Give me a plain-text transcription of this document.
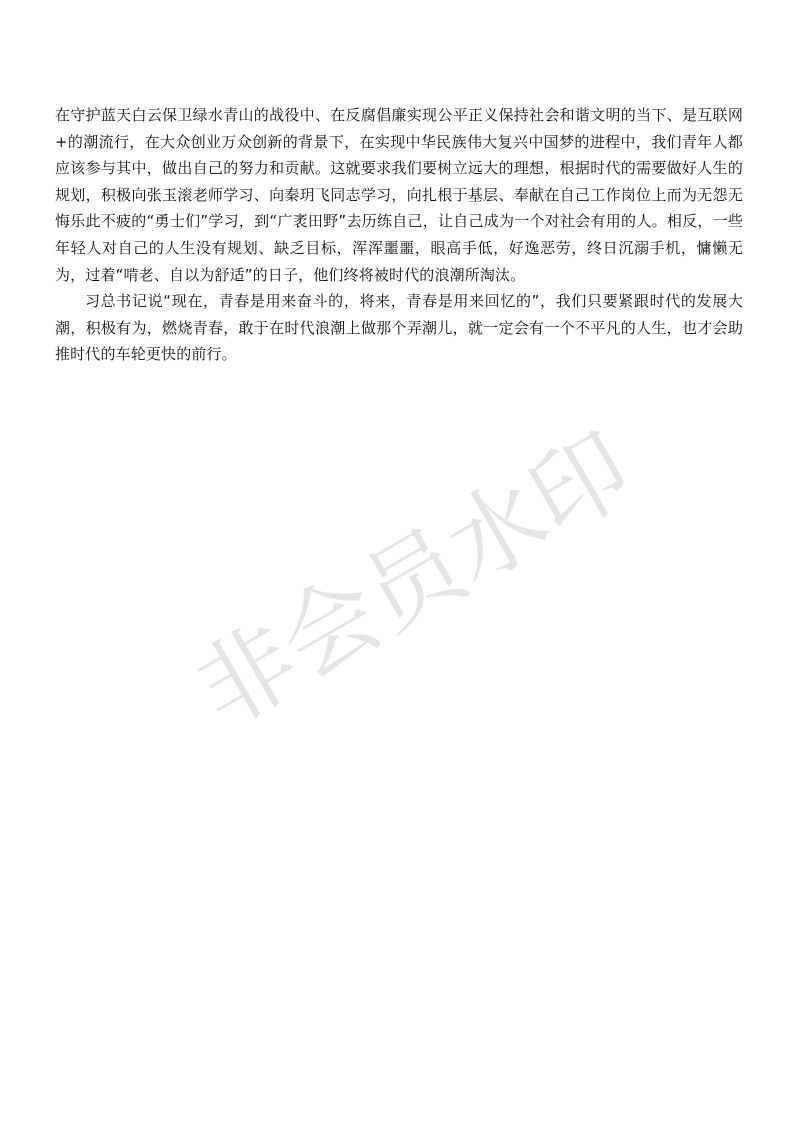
在守护蓝天白云保卫绿水青山的战役中、在反腐倡廉实现公平正义保持社会和谐文明的当下、是互联网+的潮流行，在大众创业万众创新的背景下，在实现中华民族伟大复兴中国梦的进程中，我们青年人都应该参与其中，做出自己的努力和贡献。这就要求我们要树立远大的理想，根据时代的需要做好人生的规划，积极向张玉滚老师学习、向秦玥飞同志学习，向扎根于基层、奉献在自己工作岗位上而为无怨无悔乐此不疲的“勇士们”学习，到“广袤田野”去历练自己，让自己成为一个对社会有用的人。相反，一些年轻人对自己的人生没有规划、缺乏目标，浑浑噩噩，眼高手低，好逸恶劳，终日沉溺手机，慵懒无为，过着“啃老、自以为舒适”的日子，他们终将被时代的浪潮所淘汰。

习总书记说“现在，青春是用来奋斗的，将来，青春是用来回忆的”，我们只要紧跟时代的发展大潮，积极有为，燃烧青春，敢于在时代浪潮上做那个弄潮儿，就一定会有一个不平凡的人生，也才会助推时代的车轮更快的前行。

非会员水印
